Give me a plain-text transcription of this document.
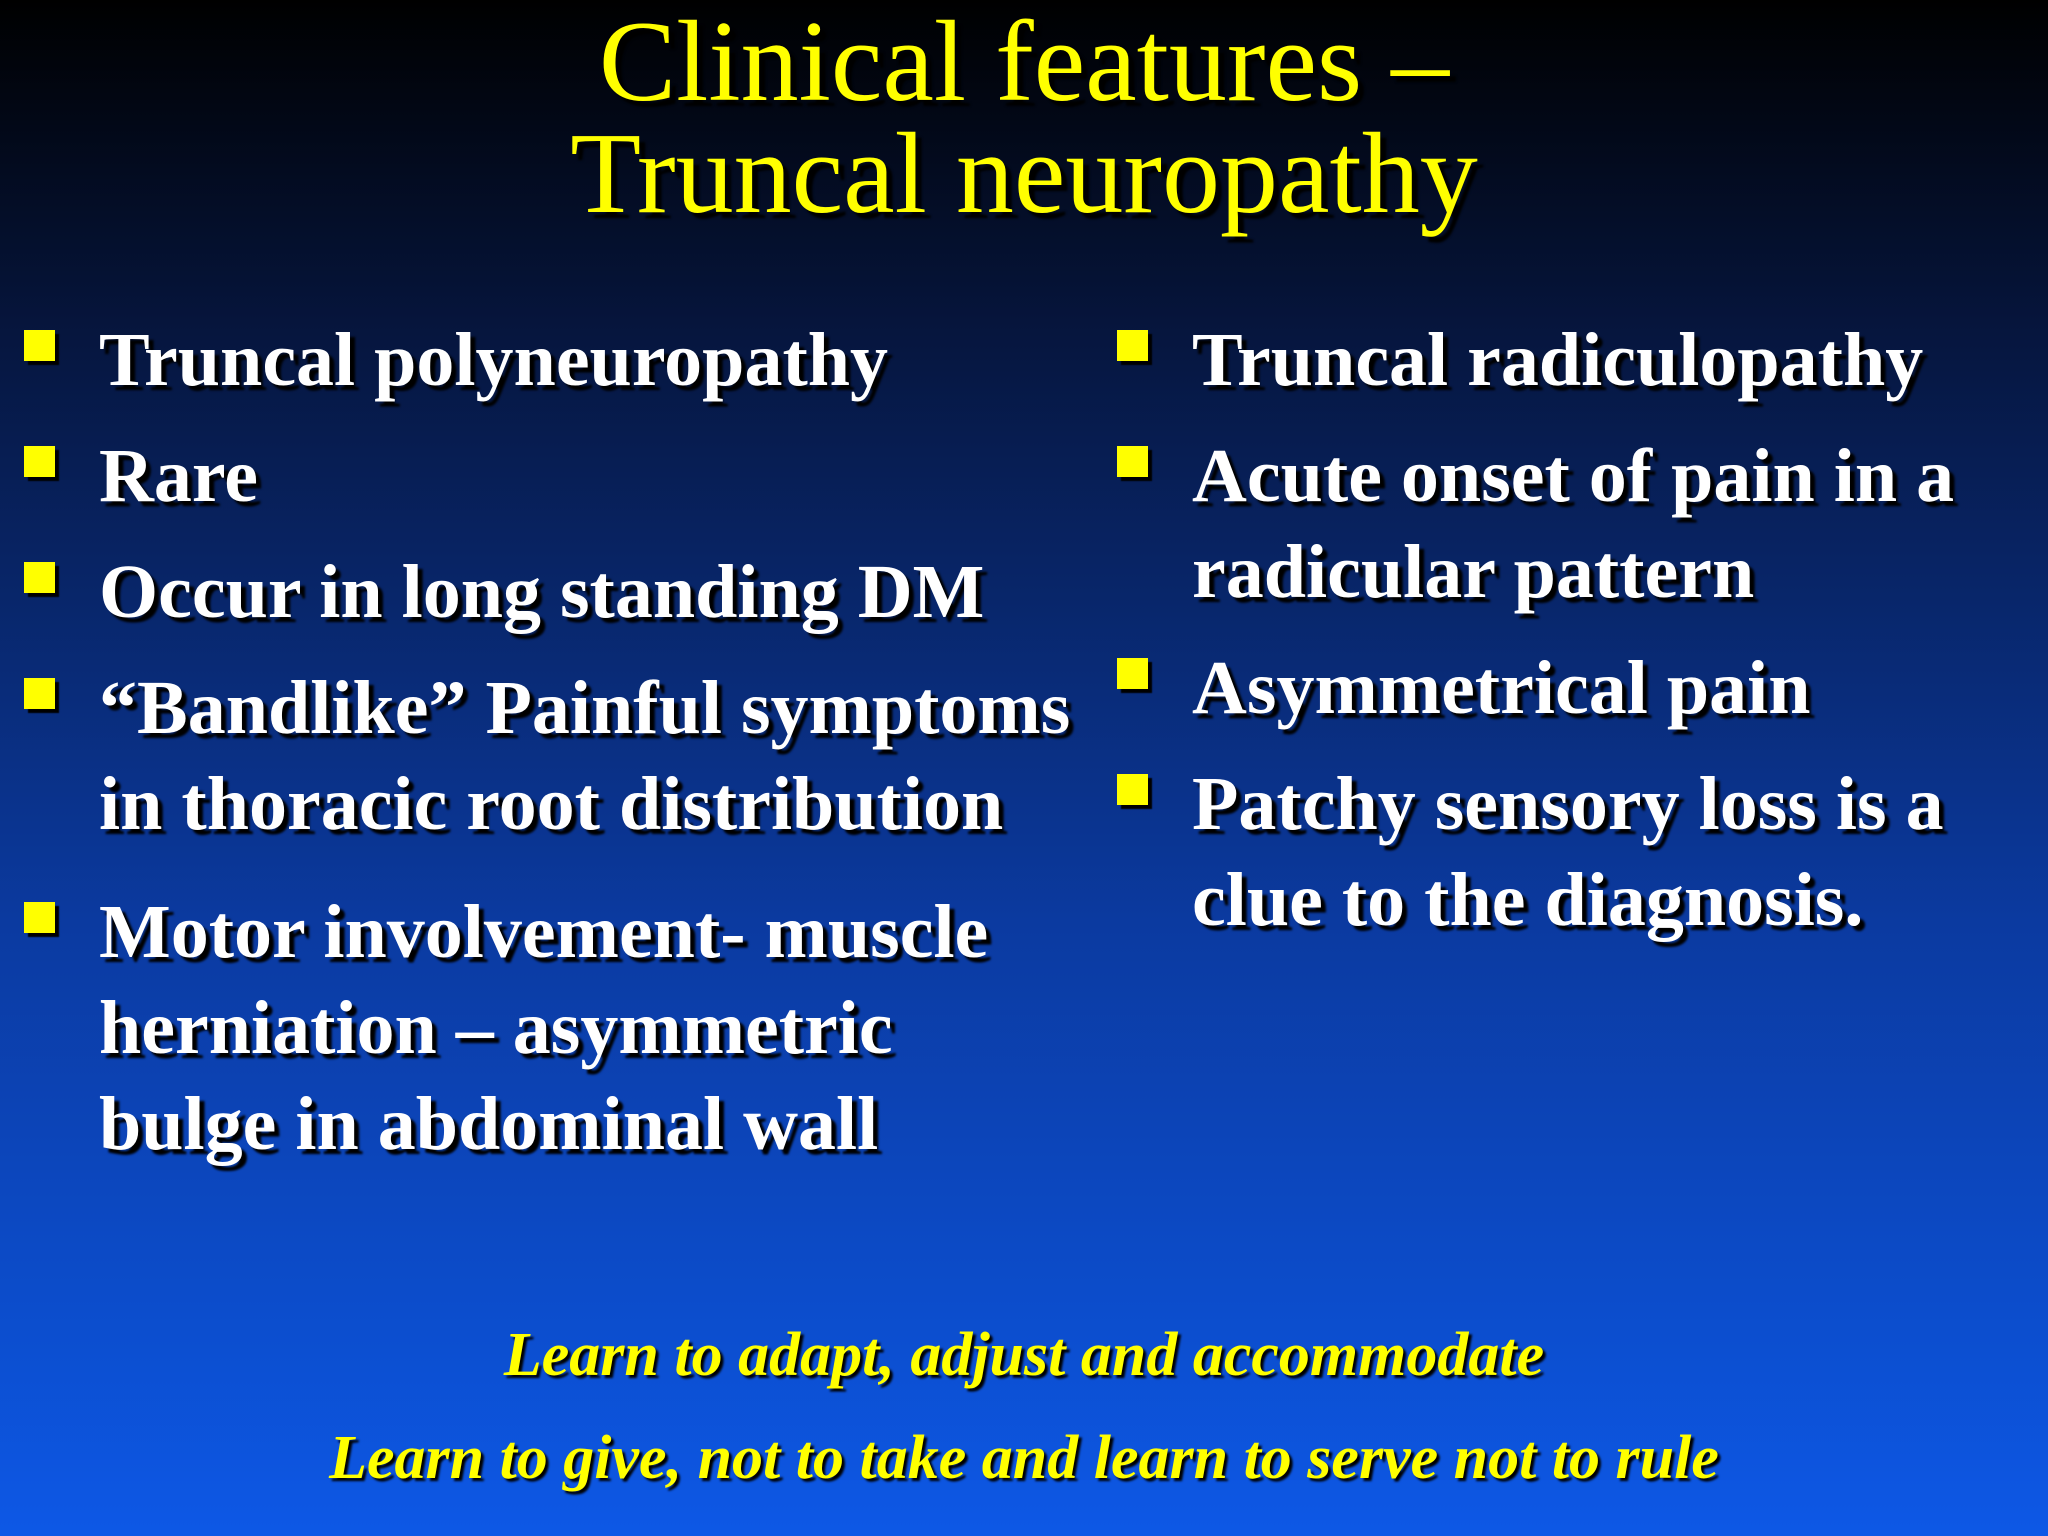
Clinical features –
Truncal neuropathy
Truncal polyneuropathy
Rare
Occur in long standing DM
“Bandlike” Painful symptoms in thoracic root distribution
Motor involvement- muscle herniation – asymmetric bulge in abdominal wall
Truncal radiculopathy
Acute onset of pain in a radicular pattern
Asymmetrical pain
Patchy sensory loss is a clue to the diagnosis.
Learn to adapt, adjust and accommodate
Learn to give, not to take and learn to serve not to rule
